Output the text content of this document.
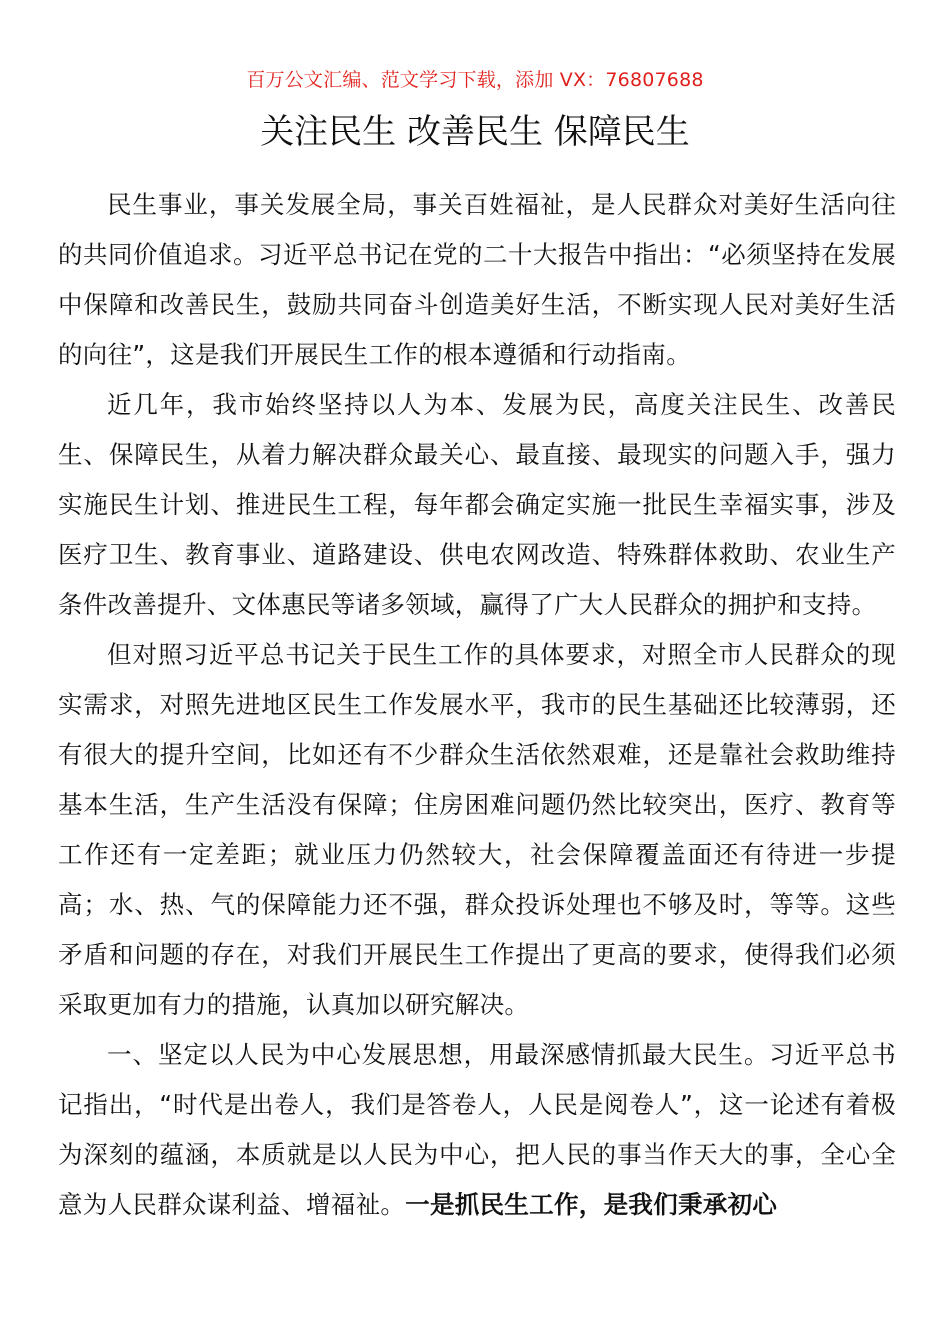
百万公文汇编、范文学习下载，添加 VX：76807688
关注民生 改善民生 保障民生

民生事业，事关发展全局，事关百姓福祉，是人民群众对美好生活向往的共同价值追求。习近平总书记在党的二十大报告中指出：“必须坚持在发展中保障和改善民生，鼓励共同奋斗创造美好生活，不断实现人民对美好生活的向往”，这是我们开展民生工作的根本遵循和行动指南。

近几年，我市始终坚持以人为本、发展为民，高度关注民生、改善民生、保障民生，从着力解决群众最关心、最直接、最现实的问题入手，强力实施民生计划、推进民生工程，每年都会确定实施一批民生幸福实事，涉及医疗卫生、教育事业、道路建设、供电农网改造、特殊群体救助、农业生产条件改善提升、文体惠民等诸多领域，赢得了广大人民群众的拥护和支持。

但对照习近平总书记关于民生工作的具体要求，对照全市人民群众的现实需求，对照先进地区民生工作发展水平，我市的民生基础还比较薄弱，还有很大的提升空间，比如还有不少群众生活依然艰难，还是靠社会救助维持基本生活，生产生活没有保障；住房困难问题仍然比较突出，医疗、教育等工作还有一定差距；就业压力仍然较大，社会保障覆盖面还有待进一步提高；水、热、气的保障能力还不强，群众投诉处理也不够及时，等等。这些矛盾和问题的存在，对我们开展民生工作提出了更高的要求，使得我们必须采取更加有力的措施，认真加以研究解决。

一、坚定以人民为中心发展思想，用最深感情抓最大民生。习近平总书记指出，“时代是出卷人，我们是答卷人，人民是阅卷人”，这一论述有着极为深刻的蕴涵，本质就是以人民为中心，把人民的事当作天大的事，全心全意为人民群众谋利益、增福祉。一是抓民生工作，是我们秉承初心
